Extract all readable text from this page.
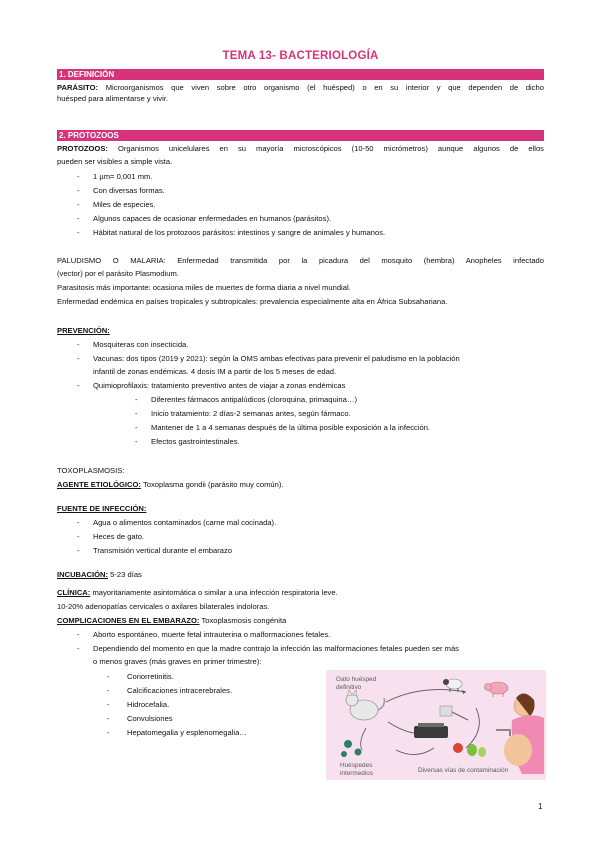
TEMA 13- BACTERIOLOGÍA
1. DEFINICIÓN
PARÁSITO: Microorganismos que viven sobre otro organismo (el huésped) o en su interior y que dependen de dicho
huésped para alimentarse y vivir.
2. PROTOZOOS
PROTOZOOS: Organismos unicelulares en su mayoría microscópicos (10-50 micrómetros) aunque algunos de ellos
pueden ser visibles a simple vista.
- 1 µm= 0,001 mm.
- Con diversas formas.
- Miles de especies.
- Algunos capaces de ocasionar enfermedades en humanos (parásitos).
- Hábitat natural de los protozoos parásitos: intestinos y sangre de animales y humanos.
PALUDISMO O MALARIA: Enfermedad transmitida por la picadura del mosquito (hembra) Anopheles infectado
(vector) por el parásito Plasmodium.
Parasitosis más importante: ocasiona miles de muertes de forma diaria a nivel mundial.
Enfermedad endémica en países tropicales y subtropicales: prevalencia especialmente alta en África Subsahariana.
PREVENCIÓN:
- Mosquiteras con insecticida.
- Vacunas: dos tipos (2019 y 2021): según la OMS ambas efectivas para prevenir el paludismo en la población
infantil de zonas endémicas. 4 dosis IM a partir de los 5 meses de edad.
- Quimioprofilaxis: tratamiento preventivo antes de viajar a zonas endémicas
- Diferentes fármacos antipalúdicos (cloroquina, primaquina…)
- Inicio tratamiento: 2 días-2 semanas antes, según fármaco.
- Mantener de 1 a 4 semanas después de la última posible exposición a la infección.
- Efectos gastrointestinales.
TOXOPLASMOSIS:
AGENTE ETIOLÓGICO: Toxoplasma gondii (parásito muy común).
FUENTE DE INFECCIÓN:
- Agua o alimentos contaminados (carne mal cocinada).
- Heces de gato.
- Transmisión vertical durante el embarazo
INCUBACIÓN: 5-23 días
CLÍNICA: mayoritariamente asintomática o similar a una infección respiratoria leve.
10-20% adenopatías cervicales o axilares bilaterales indoloras.
COMPLICACIONES EN EL EMBARAZO: Toxoplasmosis congénita
- Aborto espontáneo, muerte fetal intrauterina o malformaciones fetales.
- Dependiendo del momento en que la madre contrajo la infección las malformaciones fetales pueden ser más
o menos graves (más graves en primer trimestre):
- Coriorretinitis.
- Calcificaciones intracerebrales.
- Hidrocefalia.
- Convulsiones
- Hepatomegalia y esplenomegalia…
Gato huésped definitivo
Huéspedes intermedios	Diversas vías de contaminación
1
